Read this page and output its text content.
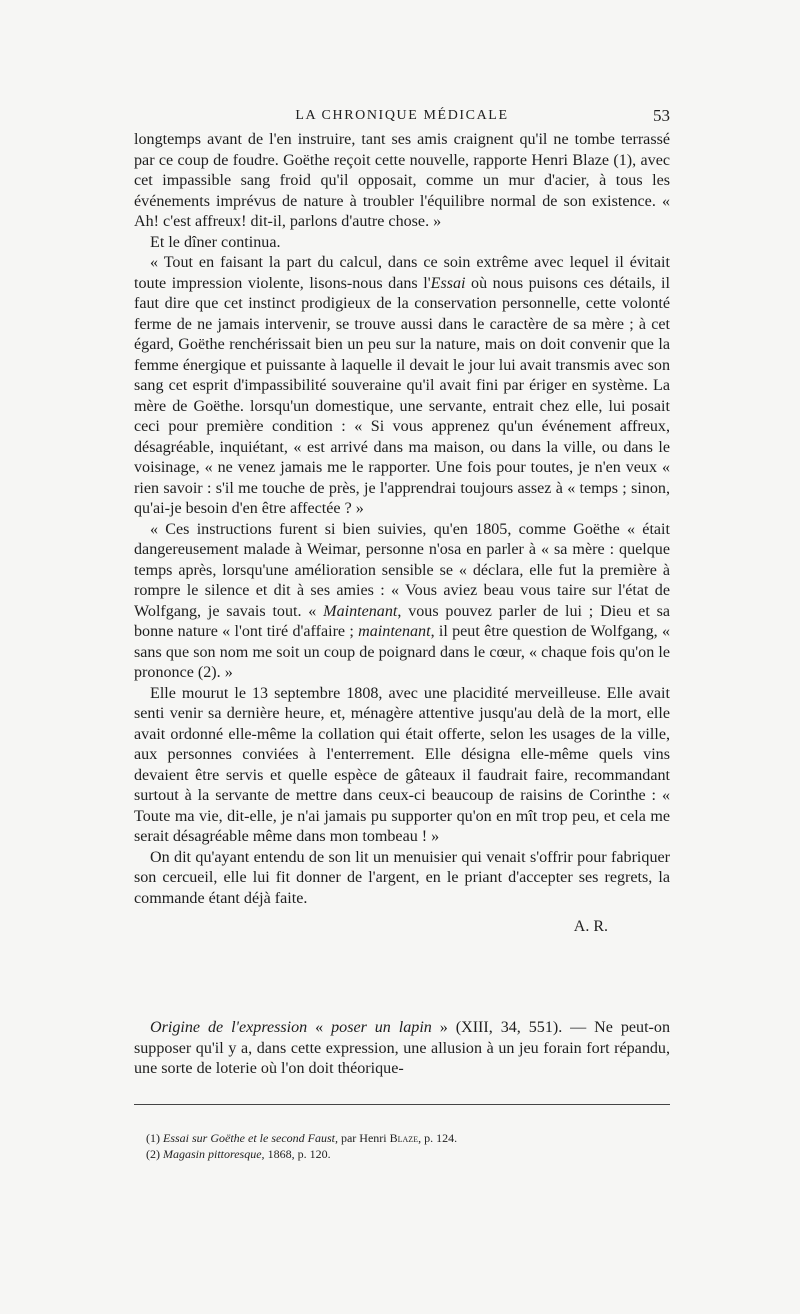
LA CHRONIQUE MÉDICALE	53

longtemps avant de l'en instruire, tant ses amis craignent qu'il ne tombe terrassé par ce coup de foudre. Goëthe reçoit cette nouvelle, rapporte Henri Blaze (1), avec cet impassible sang froid qu'il opposait, comme un mur d'acier, à tous les événements imprévus de nature à troubler l'équilibre normal de son existence. « Ah! c'est affreux! dit-il, parlons d'autre chose. »

Et le dîner continua.

« Tout en faisant la part du calcul, dans ce soin extrême avec lequel il évitait toute impression violente, lisons-nous dans l'Essai où nous puisons ces détails, il faut dire que cet instinct prodigieux de la conservation personnelle, cette volonté ferme de ne jamais intervenir, se trouve aussi dans le caractère de sa mère ; à cet égard, Goëthe renchérissait bien un peu sur la nature, mais on doit convenir que la femme énergique et puissante à laquelle il devait le jour lui avait transmis avec son sang cet esprit d'impassibilité souveraine qu'il avait fini par ériger en système. La mère de Goëthe. lorsqu'un domestique, une servante, entrait chez elle, lui posait ceci pour première condition : « Si vous apprenez qu'un événement affreux, désagréable, inquiétant, « est arrivé dans ma maison, ou dans la ville, ou dans le voisinage, « ne venez jamais me le rapporter. Une fois pour toutes, je n'en veux « rien savoir : s'il me touche de près, je l'apprendrai toujours assez à « temps ; sinon, qu'ai-je besoin d'en être affectée ? »

« Ces instructions furent si bien suivies, qu'en 1805, comme Goëthe « était dangereusement malade à Weimar, personne n'osa en parler à « sa mère : quelque temps après, lorsqu'une amélioration sensible se « déclara, elle fut la première à rompre le silence et dit à ses amies : « Vous aviez beau vous taire sur l'état de Wolfgang, je savais tout. « Maintenant, vous pouvez parler de lui ; Dieu et sa bonne nature « l'ont tiré d'affaire ; maintenant, il peut être question de Wolfgang, « sans que son nom me soit un coup de poignard dans le cœur, « chaque fois qu'on le prononce (2). »

Elle mourut le 13 septembre 1808, avec une placidité merveilleuse. Elle avait senti venir sa dernière heure, et, ménagère attentive jusqu'au delà de la mort, elle avait ordonné elle-même la collation qui était offerte, selon les usages de la ville, aux personnes conviées à l'enterrement. Elle désigna elle-même quels vins devaient être servis et quelle espèce de gâteaux il faudrait faire, recommandant surtout à la servante de mettre dans ceux-ci beaucoup de raisins de Corinthe : « Toute ma vie, dit-elle, je n'ai jamais pu supporter qu'on en mît trop peu, et cela me serait désagréable même dans mon tombeau ! »

On dit qu'ayant entendu de son lit un menuisier qui venait s'offrir pour fabriquer son cercueil, elle lui fit donner de l'argent, en le priant d'accepter ses regrets, la commande étant déjà faite.

A. R.

Origine de l'expression « poser un lapin » (XIII, 34, 551). — Ne peut-on supposer qu'il y a, dans cette expression, une allusion à un jeu forain fort répandu, une sorte de loterie où l'on doit théorique-

(1) Essai sur Goëthe et le second Faust, par Henri Blaze, p. 124.
(2) Magasin pittoresque, 1868, p. 120.
